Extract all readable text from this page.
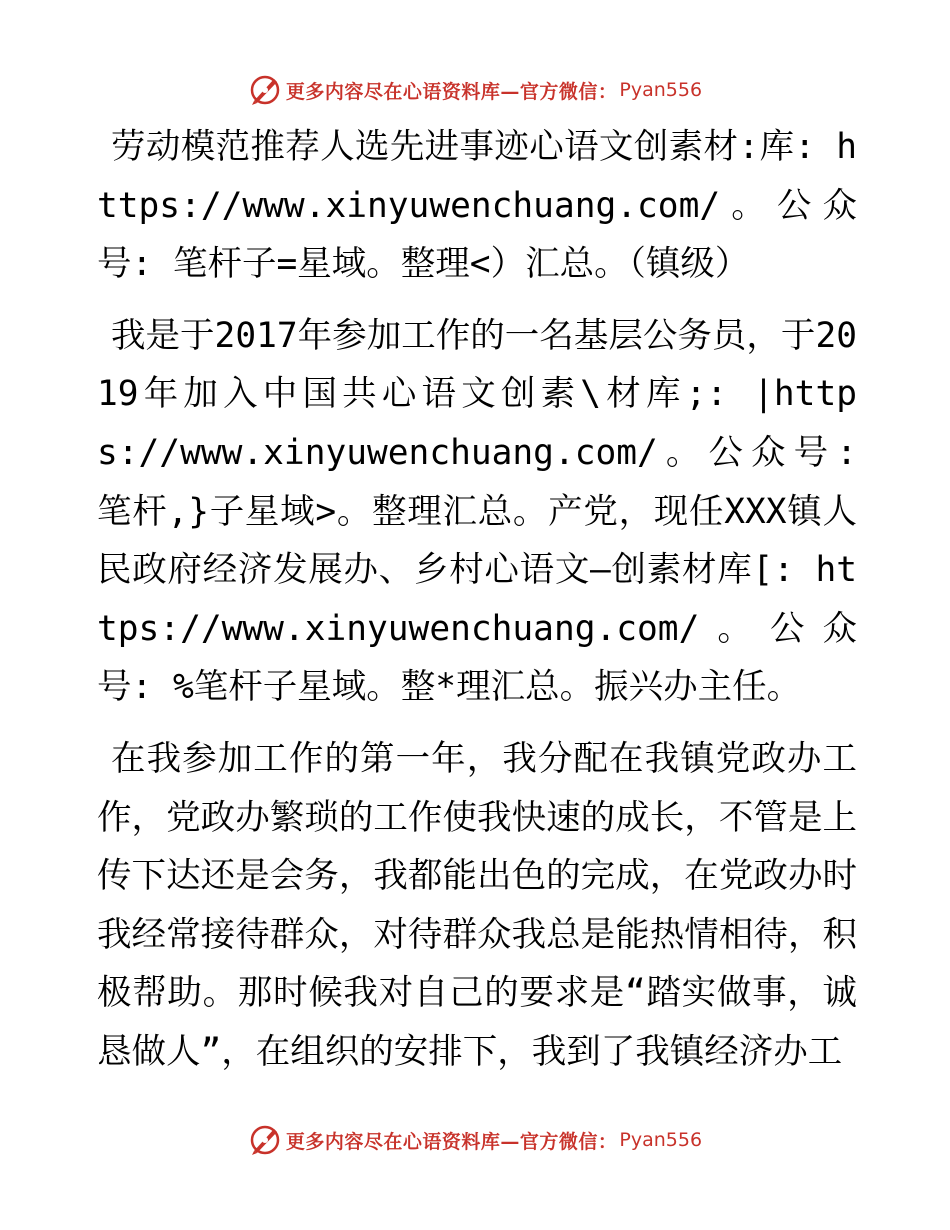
更多内容尽在心语资料库—官方微信： Pyan556

劳动模范推荐人选先进事迹心语文创素材:库: https://www.xinyuwenchuang.com/。公众号: 笔杆子=星域。整理<）汇总。（镇级）

我是于2017年参加工作的一名基层公务员，于2019年加入中国共心语文创素\材库;: |https://www.xinyuwenchuang.com/。公众号: 笔杆,}子星域>。整理汇总。产党，现任XXX镇人民政府经济发展办、乡村心语文—创素材库[: https://www.xinyuwenchuang.com/。公众号: %笔杆子星域。整*理汇总。振兴办主任。

在我参加工作的第一年，我分配在我镇党政办工作，党政办繁琐的工作使我快速的成长，不管是上传下达还是会务，我都能出色的完成，在党政办时我经常接待群众，对待群众我总是能热情相待，积极帮助。那时候我对自己的要求是“踏实做事，诚恳做人”，在组织的安排下，我到了我镇经济办工

更多内容尽在心语资料库—官方微信： Pyan556
